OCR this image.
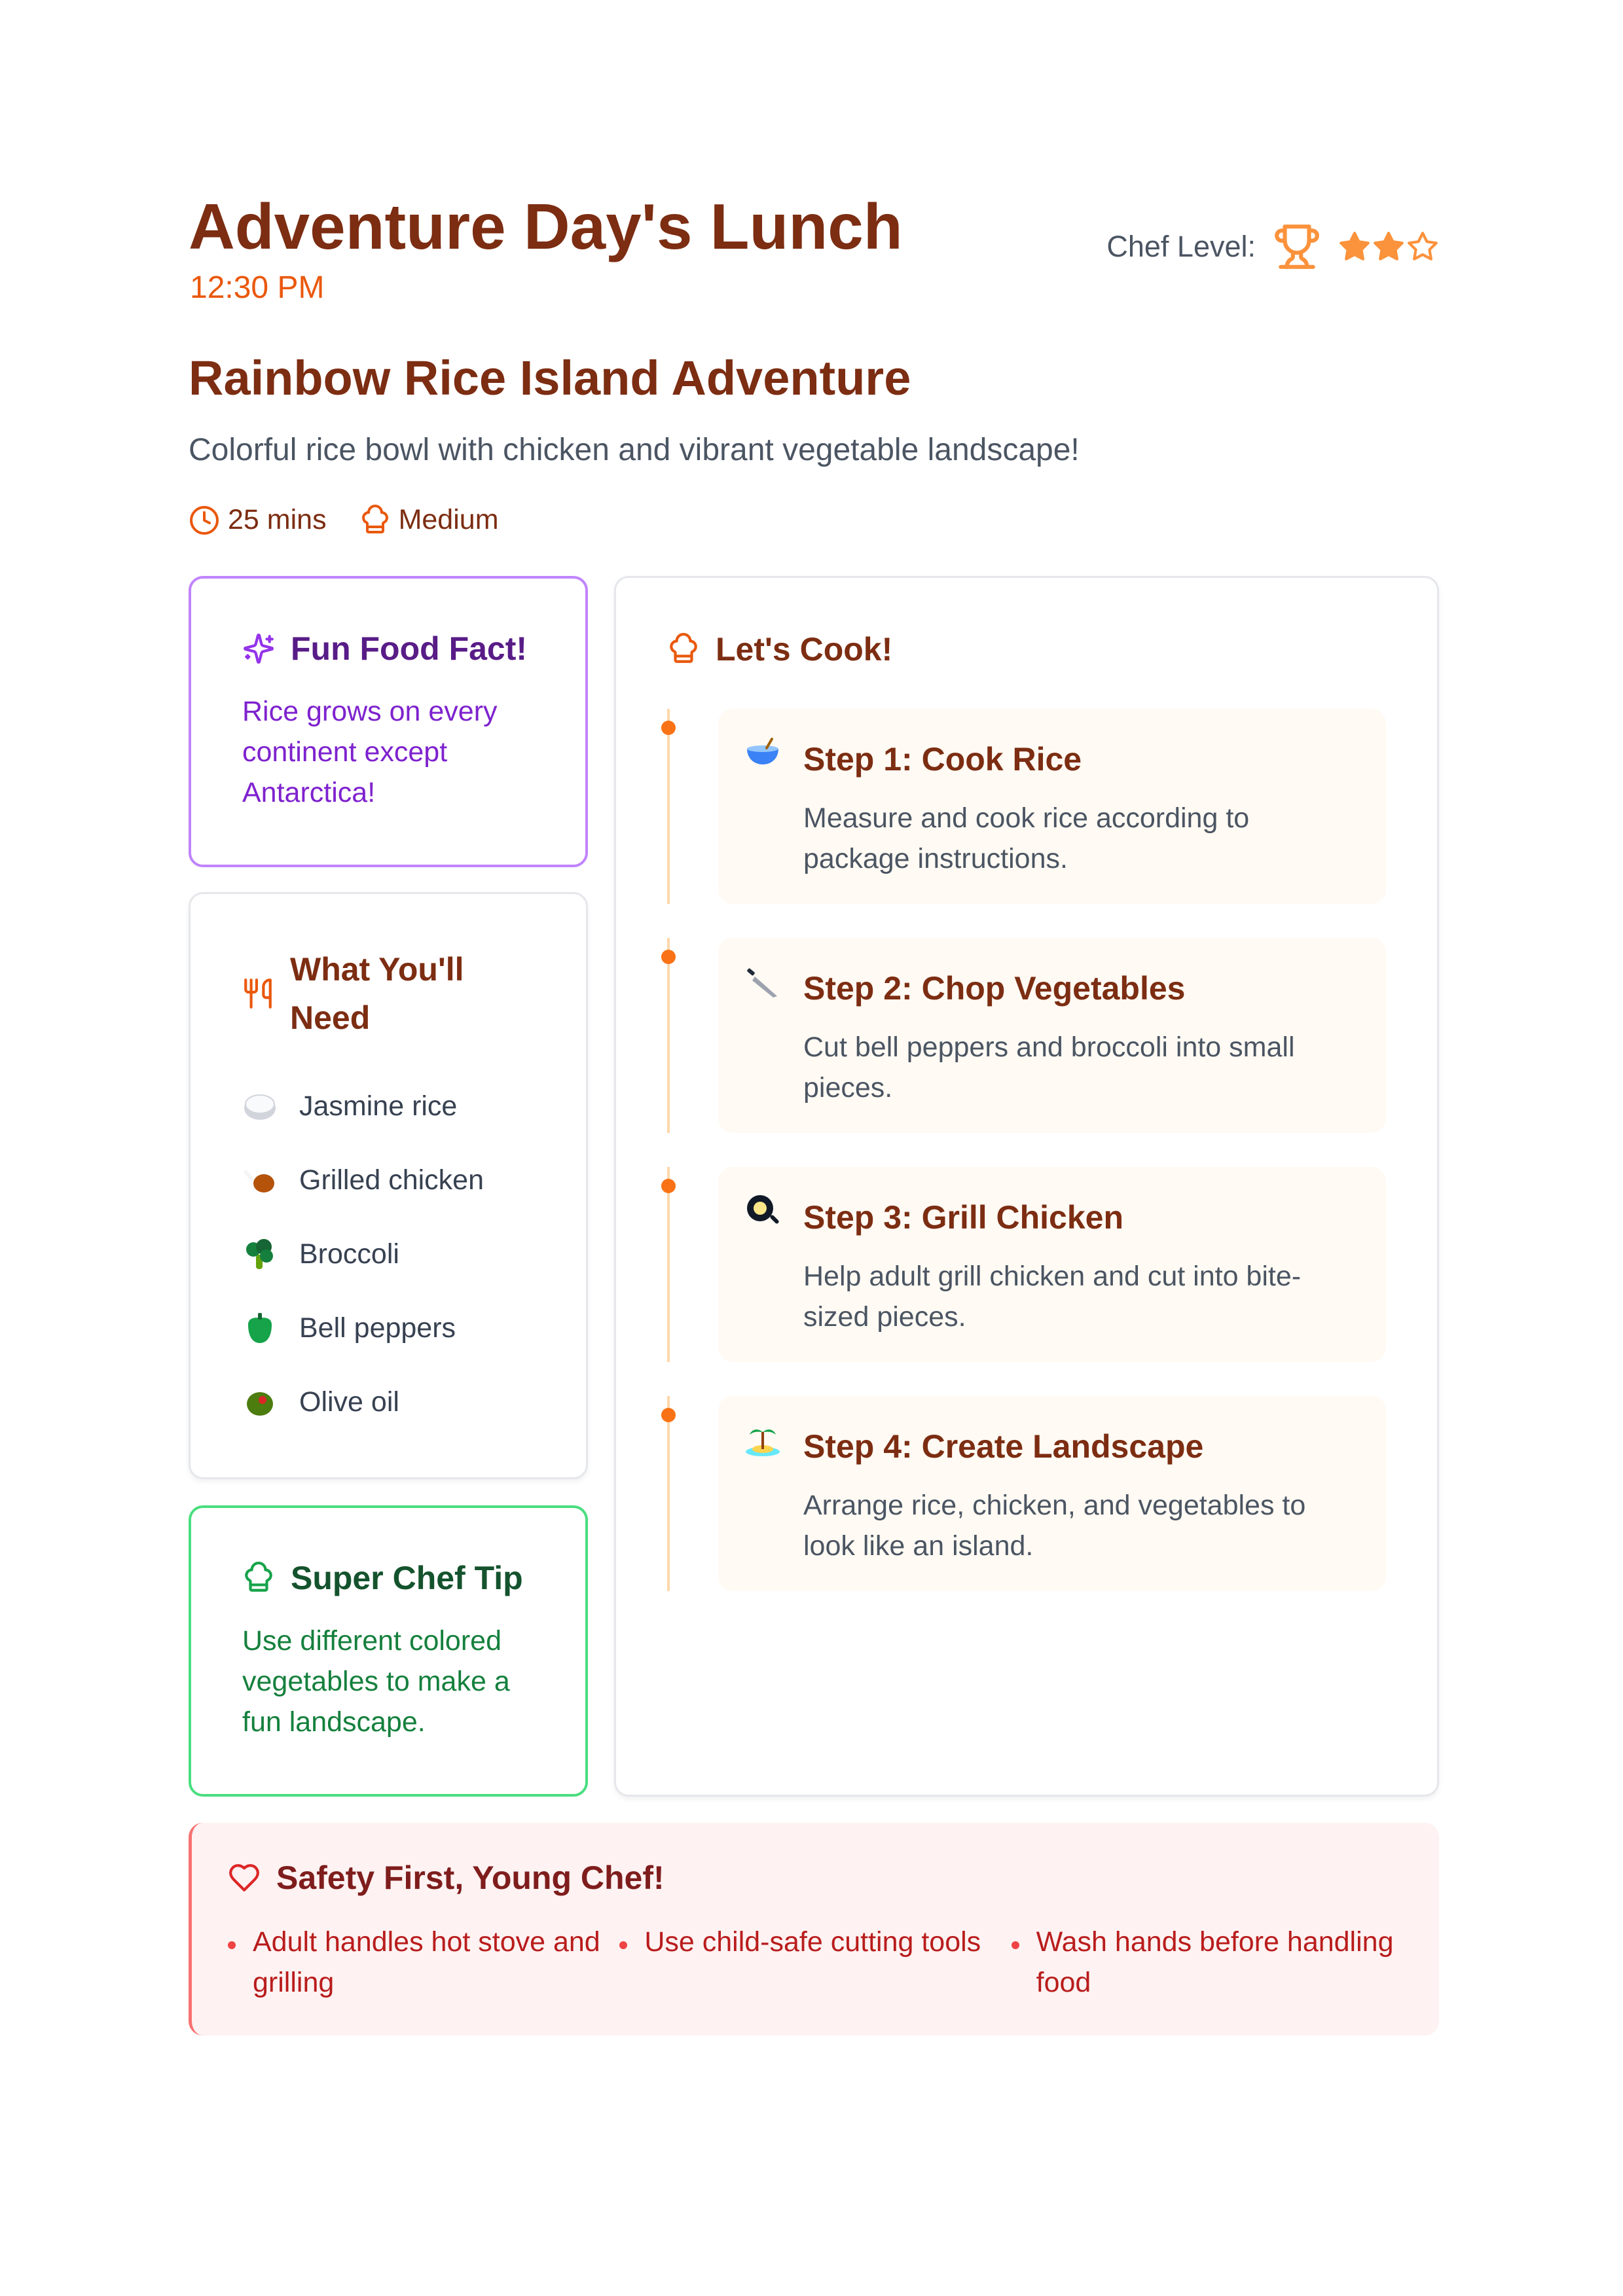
Adventure Day's Lunch
12:30 PM
Chef Level:
Rainbow Rice Island Adventure
Colorful rice bowl with chicken and vibrant vegetable landscape!
25 mins	Medium
Fun Food Fact!
Rice grows on every continent except Antarctica!
What You'll Need
Jasmine rice
Grilled chicken
Broccoli
Bell peppers
Olive oil
Super Chef Tip
Use different colored vegetables to make a fun landscape.
Let's Cook!
Step 1: Cook Rice
Measure and cook rice according to package instructions.
Step 2: Chop Vegetables
Cut bell peppers and broccoli into small pieces.
Step 3: Grill Chicken
Help adult grill chicken and cut into bite-sized pieces.
Step 4: Create Landscape
Arrange rice, chicken, and vegetables to look like an island.
Safety First, Young Chef!
Adult handles hot stove and grilling
Use child-safe cutting tools Wash hands before handling food
